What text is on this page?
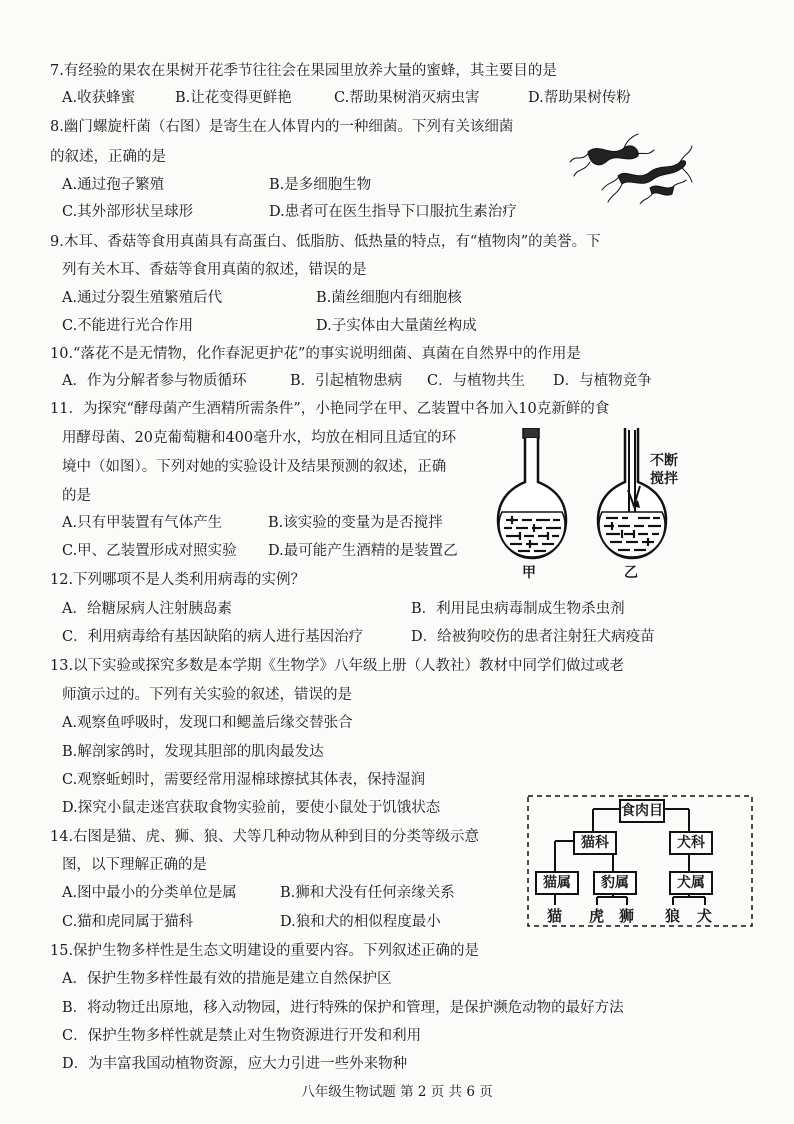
7.有经验的果农在果树开花季节往往会在果园里放养大量的蜜蜂，其主要目的是
A.收获蜂蜜	B.让花变得更鲜艳	C.帮助果树消灭病虫害	D.帮助果树传粉
8.幽门螺旋杆菌（右图）是寄生在人体胃内的一种细菌。下列有关该细菌
的叙述，正确的是
A.通过孢子繁殖	B.是多细胞生物
C.其外部形状呈球形	D.患者可在医生指导下口服抗生素治疗
9.木耳、香菇等食用真菌具有高蛋白、低脂肪、低热量的特点，有“植物肉”的美誉。下
列有关木耳、香菇等食用真菌的叙述，错误的是
A.通过分裂生殖繁殖后代	B.菌丝细胞内有细胞核
C.不能进行光合作用	D.子实体由大量菌丝构成
10.“落花不是无情物，化作春泥更护花”的事实说明细菌、真菌在自然界中的作用是
A．作为分解者参与物质循环	B．引起植物患病 C．与植物共生 D．与植物竞争
11．为探究“酵母菌产生酒精所需条件”，小艳同学在甲、乙装置中各加入10克新鲜的食
用酵母菌、20克葡萄糖和400毫升水，均放在相同且适宜的环
境中（如图）。下列对她的实验设计及结果预测的叙述，正确
的是
A.只有甲装置有气体产生	B.该实验的变量为是否搅拌
C.甲、乙装置形成对照实验 D.最可能产生酒精的是装置乙
不断
搅拌
甲	乙
12.下列哪项不是人类利用病毒的实例？
A．给糖尿病人注射胰岛素	B．利用昆虫病毒制成生物杀虫剂
C．利用病毒给有基因缺陷的病人进行基因治疗	D．给被狗咬伤的患者注射狂犬病疫苗
13.以下实验或探究多数是本学期《生物学》八年级上册（人教社）教材中同学们做过或老
师演示过的。下列有关实验的叙述，错误的是
A.观察鱼呼吸时，发现口和鳃盖后缘交替张合
B.解剖家鸽时，发现其胆部的肌肉最发达
C.观察蚯蚓时，需要经常用湿棉球擦拭其体表，保持湿润
D.探究小鼠走迷宫获取食物实验前，要使小鼠处于饥饿状态
14.右图是猫、虎、狮、狼、犬等几种动物从种到目的分类等级示意
图，以下理解正确的是
A.图中最小的分类单位是属	B.狮和犬没有任何亲缘关系
C.猫和虎同属于猫科	D.狼和犬的相似程度最小
食肉目
猫科	犬科
猫属	豹属	犬属
猫 虎 狮 狼 犬
15.保护生物多样性是生态文明建设的重要内容。下列叙述正确的是
A．保护生物多样性最有效的措施是建立自然保护区
B．将动物迁出原地，移入动物园，进行特殊的保护和管理，是保护濒危动物的最好方法
C．保护生物多样性就是禁止对生物资源进行开发和利用
D．为丰富我国动植物资源，应大力引进一些外来物种
八年级生物试题 第 2 页 共 6 页
